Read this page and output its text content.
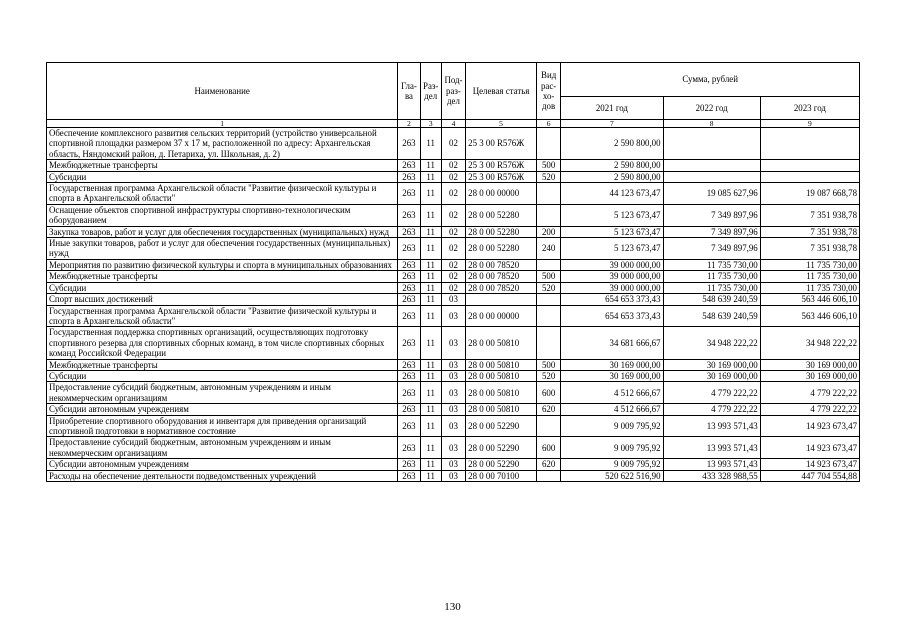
Наименование	Гла-ва	Раз-дел	Под-раз-дел	Целевая статья	Вид рас-хо-дов	Сумма, рублей		
						2021 год	2022 год	2023 год
1	2	3	4	5	6	7	8	9
Обеспечение комплексного развития сельских территорий (устройство универсальной спортивной площадки размером 37 х 17 м, расположенной по адресу: Архангельская область, Няндомский район, д. Петариха, ул. Школьная, д. 2)	263	11	02	25 3 00 R576Ж		2 590 800,00		
Межбюджетные трансферты	263	11	02	25 3 00 R576Ж	500	2 590 800,00		
Субсидии	263	11	02	25 3 00 R576Ж	520	2 590 800,00		
Государственная программа Архангельской области "Развитие физической культуры и спорта в Архангельской области"	263	11	02	28 0 00 00000		44 123 673,47	19 085 627,96	19 087 668,78
Оснащение объектов спортивной инфраструктуры спортивно-технологическим оборудованием	263	11	02	28 0 00 52280		5 123 673,47	7 349 897,96	7 351 938,78
Закупка товаров, работ и услуг для обеспечения государственных (муниципальных) нужд	263	11	02	28 0 00 52280	200	5 123 673,47	7 349 897,96	7 351 938,78
Иные закупки товаров, работ и услуг для обеспечения государственных (муниципальных) нужд	263	11	02	28 0 00 52280	240	5 123 673,47	7 349 897,96	7 351 938,78
Мероприятия по развитию физической культуры и спорта в муниципальных образованиях	263	11	02	28 0 00 78520		39 000 000,00	11 735 730,00	11 735 730,00
Межбюджетные трансферты	263	11	02	28 0 00 78520	500	39 000 000,00	11 735 730,00	11 735 730,00
Субсидии	263	11	02	28 0 00 78520	520	39 000 000,00	11 735 730,00	11 735 730,00
Спорт высших достижений	263	11	03			654 653 373,43	548 639 240,59	563 446 606,10
Государственная программа Архангельской области "Развитие физической культуры и спорта в Архангельской области"	263	11	03	28 0 00 00000		654 653 373,43	548 639 240,59	563 446 606,10
Государственная поддержка спортивных организаций, осуществляющих подготовку спортивного резерва для спортивных сборных команд, в том числе спортивных сборных команд Российской Федерации	263	11	03	28 0 00 50810		34 681 666,67	34 948 222,22	34 948 222,22
Межбюджетные трансферты	263	11	03	28 0 00 50810	500	30 169 000,00	30 169 000,00	30 169 000,00
Субсидии	263	11	03	28 0 00 50810	520	30 169 000,00	30 169 000,00	30 169 000,00
Предоставление субсидий бюджетным, автономным учреждениям и иным некоммерческим организациям	263	11	03	28 0 00 50810	600	4 512 666,67	4 779 222,22	4 779 222,22
Субсидии автономным учреждениям	263	11	03	28 0 00 50810	620	4 512 666,67	4 779 222,22	4 779 222,22
Приобретение спортивного оборудования и инвентаря для приведения организаций спортивной подготовки в нормативное состояние	263	11	03	28 0 00 52290		9 009 795,92	13 993 571,43	14 923 673,47
Предоставление субсидий бюджетным, автономным учреждениям и иным некоммерческим организациям	263	11	03	28 0 00 52290	600	9 009 795,92	13 993 571,43	14 923 673,47
Субсидии автономным учреждениям	263	11	03	28 0 00 52290	620	9 009 795,92	13 993 571,43	14 923 673,47
Расходы на обеспечение деятельности подведомственных учреждений	263	11	03	28 0 00 70100		520 622 516,90	433 328 988,55	447 704 554,88
130
